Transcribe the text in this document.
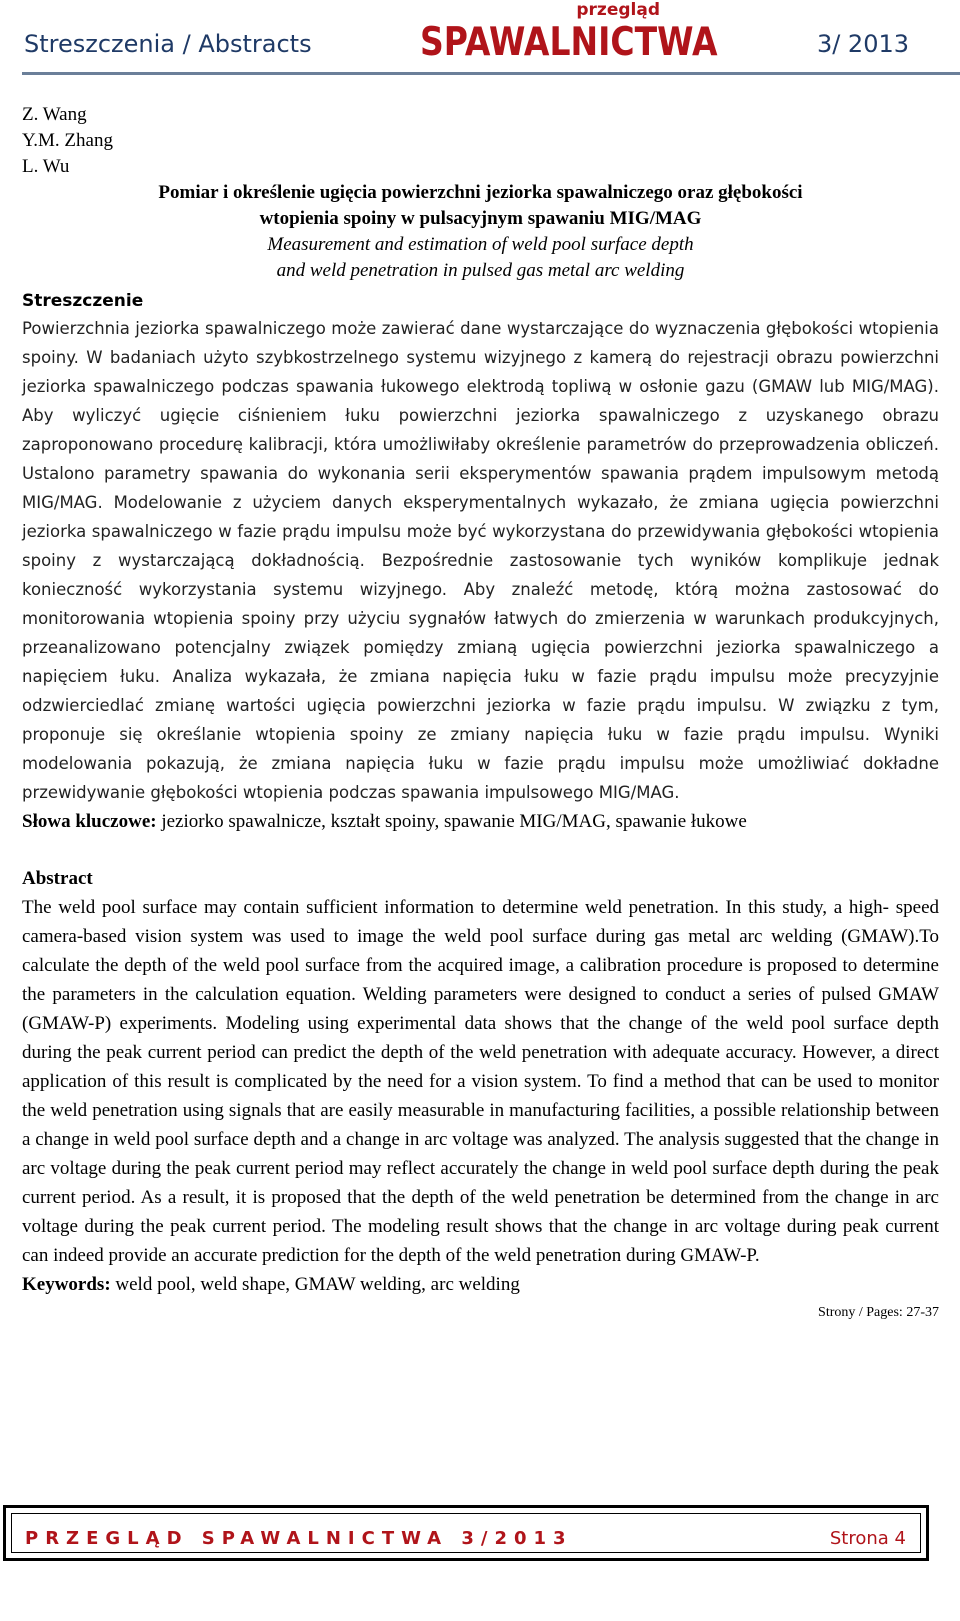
Streszczenia / Abstracts
przegląd
SPAWALNICTWA	3/ 2013
Z. Wang
Y.M. Zhang
L. Wu
Pomiar i określenie ugięcia powierzchni jeziorka spawalniczego oraz głębokości
wtopienia spoiny w pulsacyjnym spawaniu MIG/MAG
Measurement and estimation of weld pool surface depth
and weld penetration in pulsed gas metal arc welding
Streszczenie

Powierzchnia jeziorka spawalniczego może zawierać dane wystarczające do wyznaczenia głębokości wtopienia spoiny. W badaniach użyto szybkostrzelnego systemu wizyjnego z kamerą do rejestracji obrazu powierzchni jeziorka spawalniczego podczas spawania łukowego elektrodą topliwą w osłonie gazu (GMAW lub MIG/MAG). Aby wyliczyć ugięcie ciśnieniem łuku powierzchni jeziorka spawalniczego z uzyskanego obrazu zaproponowano procedurę kalibracji, która umożliwiłaby określenie parametrów do przeprowadzenia obliczeń. Ustalono parametry spawania do wykonania serii eksperymentów spawania prądem impulsowym metodą MIG/MAG. Modelowanie z użyciem danych eksperymentalnych wykazało, że zmiana ugięcia powierzchni jeziorka spawalniczego w fazie prądu impulsu może być wykorzystana do przewidywania głębokości wtopienia spoiny z wystarczającą dokładnością. Bezpośrednie zastosowanie tych wyników komplikuje jednak konieczność wykorzystania systemu wizyjnego. Aby znaleźć metodę, którą można zastosować do monitorowania wtopienia spoiny przy użyciu sygnałów łatwych do zmierzenia w warunkach produkcyjnych, przeanalizowano potencjalny związek pomiędzy zmianą ugięcia powierzchni jeziorka spawalniczego a napięciem łuku. Analiza wykazała, że zmiana napięcia łuku w fazie prądu impulsu może precyzyjnie odzwierciedlać zmianę wartości ugięcia powierzchni jeziorka w fazie prądu impulsu. W związku z tym, proponuje się określanie wtopienia spoiny ze zmiany napięcia łuku w fazie prądu impulsu. Wyniki modelowania pokazują, że zmiana napięcia łuku w fazie prądu impulsu może umożliwiać dokładne przewidywanie głębokości wtopienia podczas spawania impulsowego MIG/MAG.

Słowa kluczowe: jeziorko spawalnicze, kształt spoiny, spawanie MIG/MAG, spawanie łukowe

Abstract

The weld pool surface may contain sufficient information to determine weld penetration. In this study, a high- speed camera-based vision system was used to image the weld pool surface during gas metal arc welding (GMAW).To calculate the depth of the weld pool surface from the acquired image, a calibration procedure is proposed to determine the parameters in the calculation equation. Welding parameters were designed to conduct a series of pulsed GMAW (GMAW-P) experiments. Modeling using experimental data shows that the change of the weld pool surface depth during the peak current period can predict the depth of the weld penetration with adequate accuracy. However, a direct application of this result is complicated by the need for a vision system. To find a method that can be used to monitor the weld penetration using signals that are easily measurable in manufacturing facilities, a possible relationship between a change in weld pool surface depth and a change in arc voltage was analyzed. The analysis suggested that the change in arc voltage during the peak current period may reflect accurately the change in weld pool surface depth during the peak current period. As a result, it is proposed that the depth of the weld penetration be determined from the change in arc voltage during the peak current period. The modeling result shows that the change in arc voltage during peak current can indeed provide an accurate prediction for the depth of the weld penetration during GMAW-P.

Keywords: weld pool, weld shape, GMAW welding, arc welding

Strony / Pages: 27-37
PRZEGLĄD SPAWALNICTWA 3/2013	Strona 4
